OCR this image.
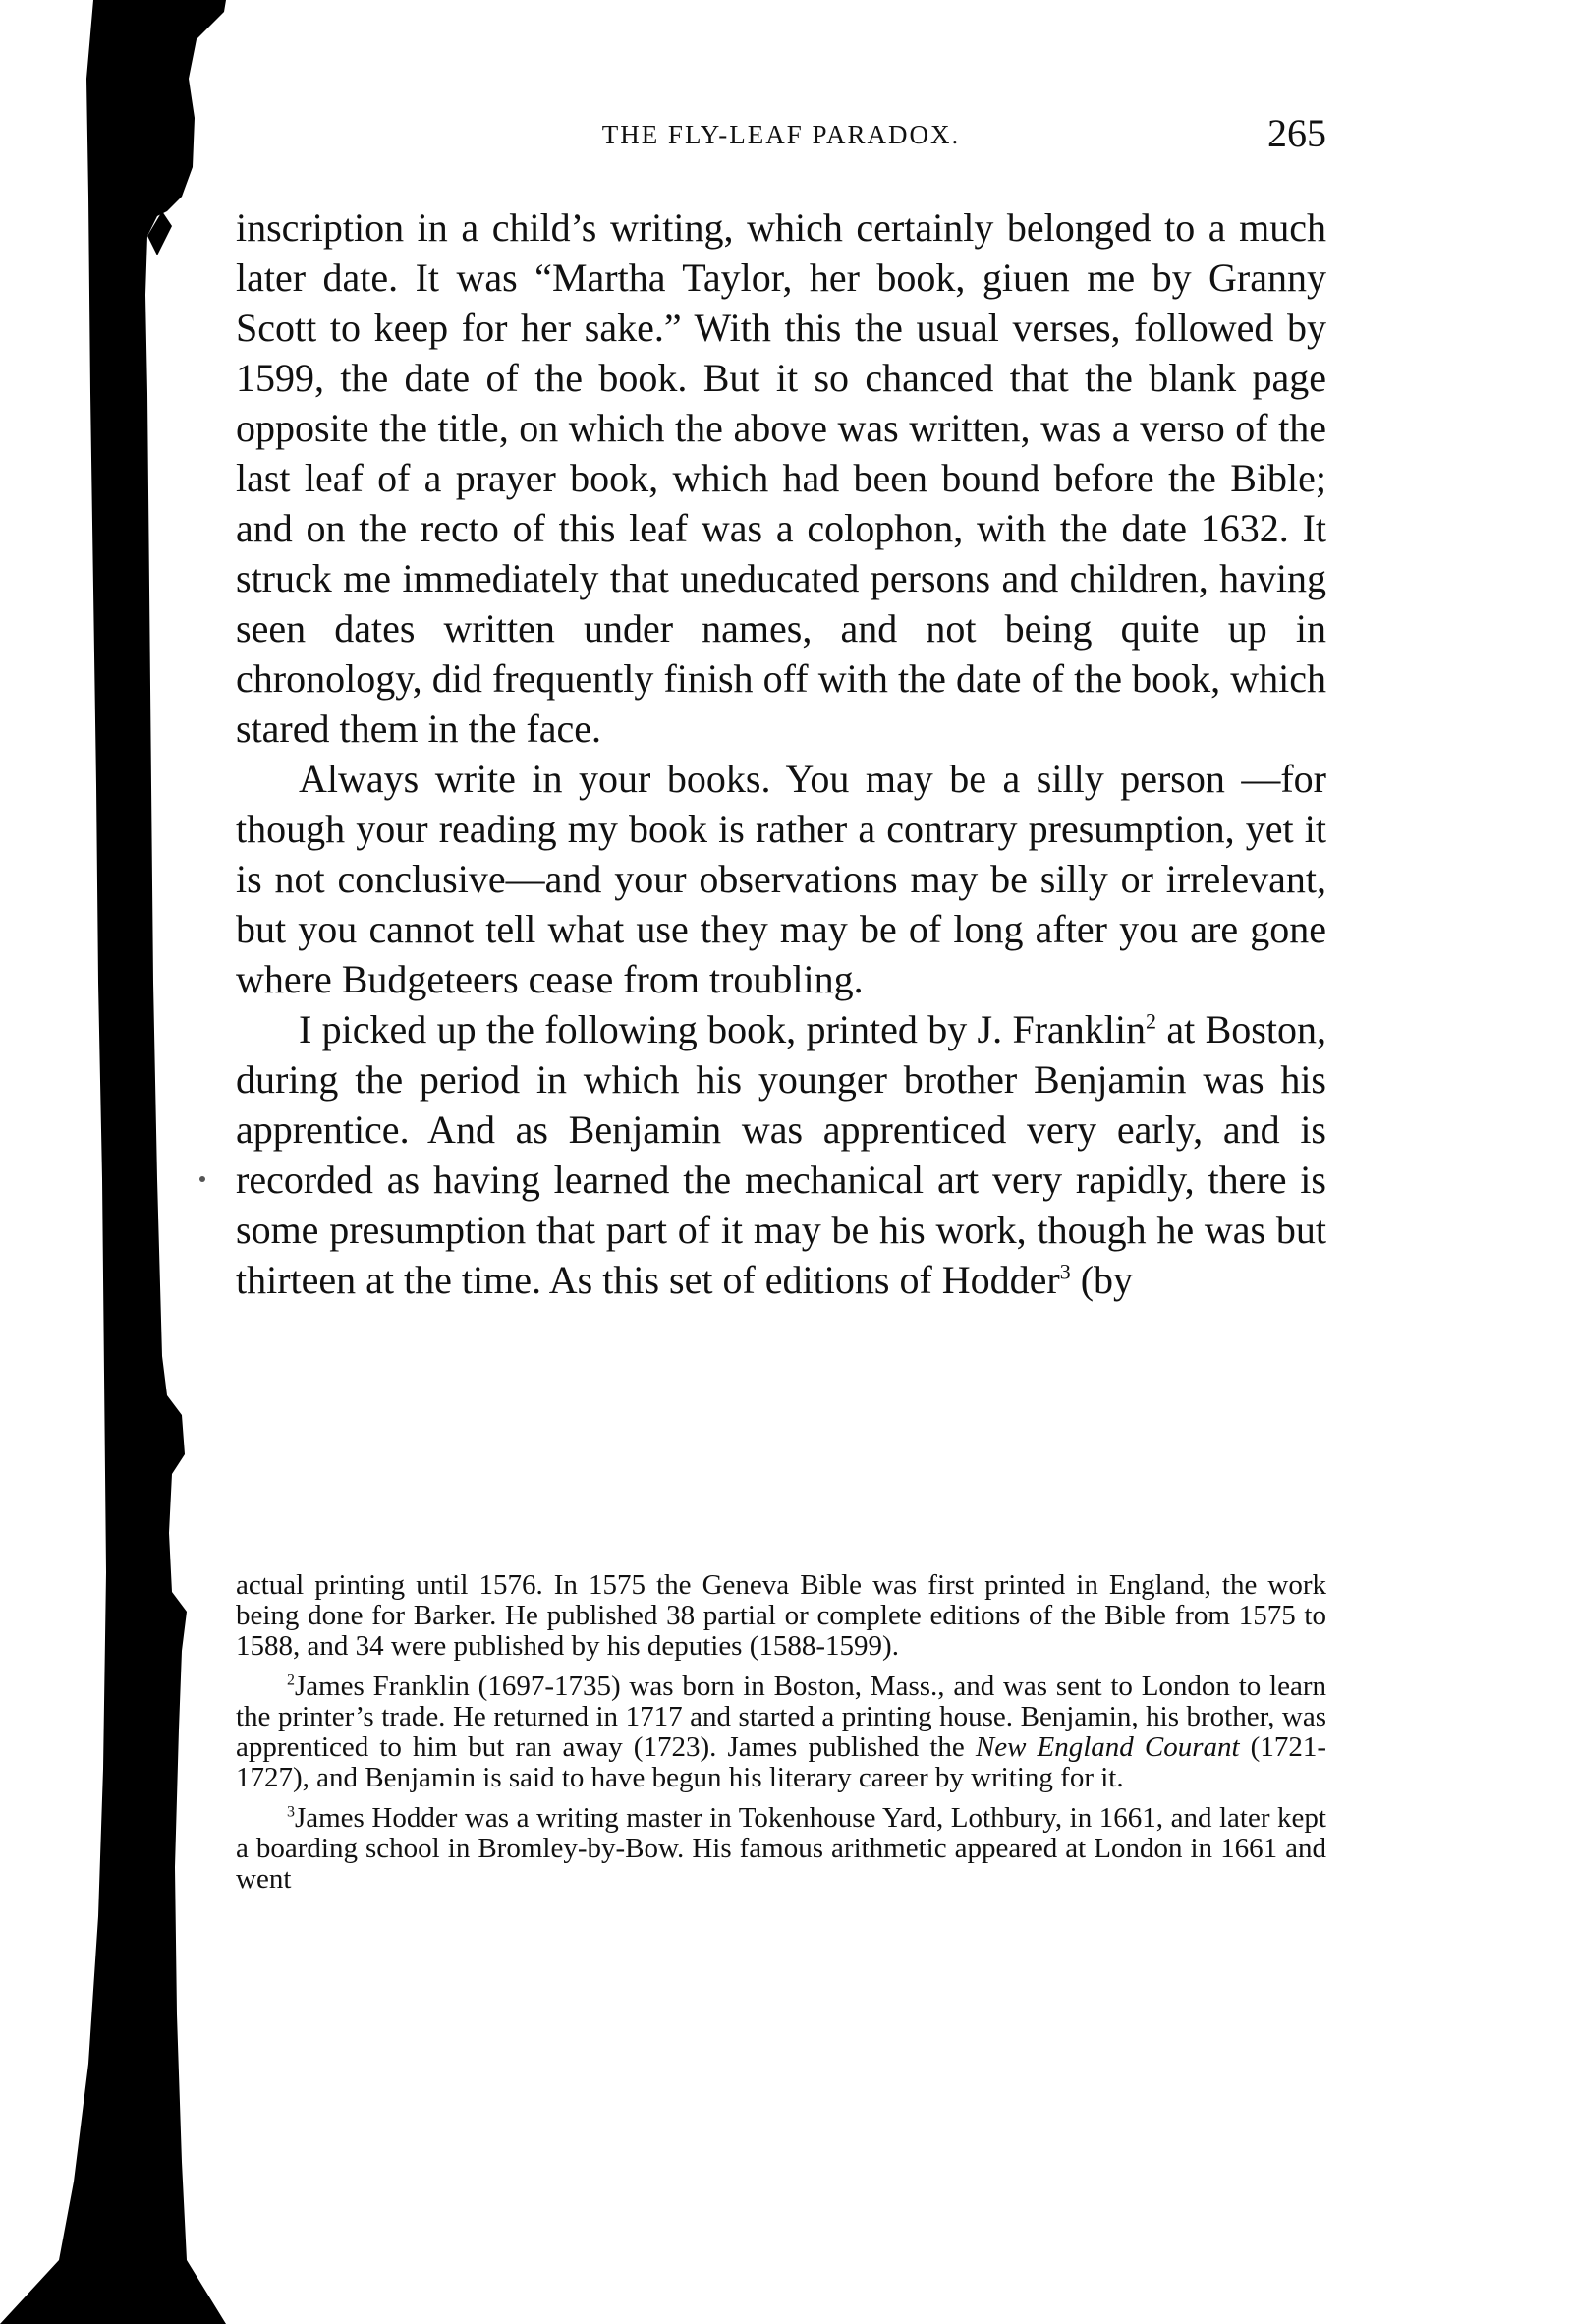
THE FLY-LEAF PARADOX.	265

inscription in a child’s writing, which certainly belonged to a much later date. It was “Martha Taylor, her book, giuen me by Granny Scott to keep for her sake.” With this the usual verses, followed by 1599, the date of the book. But it so chanced that the blank page opposite the title, on which the above was written, was a verso of the last leaf of a prayer book, which had been bound before the Bible; and on the recto of this leaf was a colophon, with the date 1632. It struck me immediately that uneducated persons and children, having seen dates written under names, and not being quite up in chronology, did frequently finish off with the date of the book, which stared them in the face.

Always write in your books. You may be a silly person —for though your reading my book is rather a contrary presumption, yet it is not conclusive—and your observations may be silly or irrelevant, but you cannot tell what use they may be of long after you are gone where Budgeteers cease from troubling.

I picked up the following book, printed by J. Franklin$^2$ at Boston, during the period in which his younger brother Benjamin was his apprentice. And as Benjamin was apprenticed very early, and is recorded as having learned the mechanical art very rapidly, there is some presumption that part of it may be his work, though he was but thirteen at the time. As this set of editions of Hodder$^3$ (by

actual printing until 1576. In 1575 the Geneva Bible was first printed in England, the work being done for Barker. He published 38 partial or complete editions of the Bible from 1575 to 1588, and 34 were published by his deputies (1588-1599).

$^2$James Franklin (1697-1735) was born in Boston, Mass., and was sent to London to learn the printer’s trade. He returned in 1717 and started a printing house. Benjamin, his brother, was apprenticed to him but ran away (1723). James published the New England Courant (1721-1727), and Benjamin is said to have begun his literary career by writing for it.

$^3$James Hodder was a writing master in Tokenhouse Yard, Lothbury, in 1661, and later kept a boarding school in Bromley-by-Bow. His famous arithmetic appeared at London in 1661 and went
